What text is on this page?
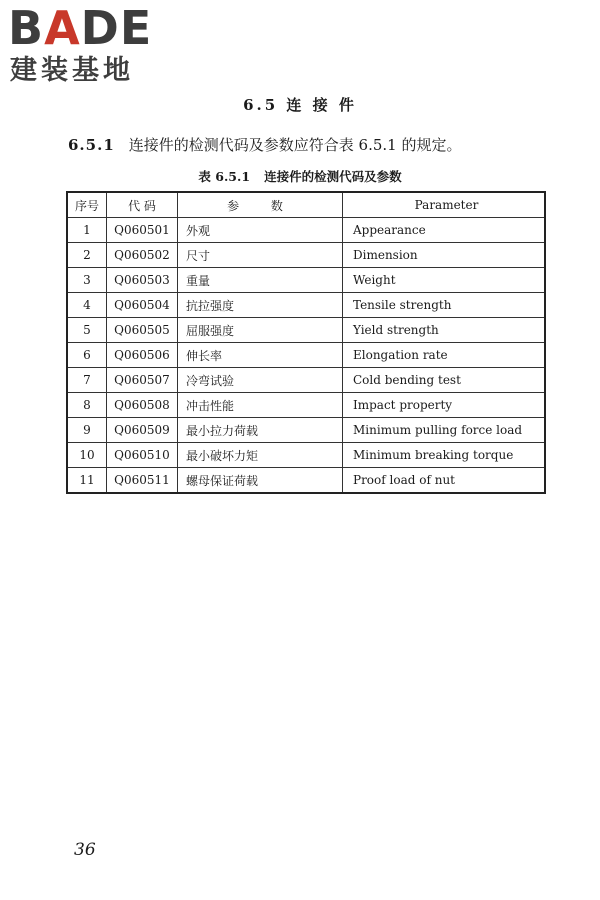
BADE
建装基地
6.5 连 接 件
6.5.1 连接件的检测代码及参数应符合表 6.5.1 的规定。
表 6.5.1 连接件的检测代码及参数
序号	代 码	参 数	Parameter
1	Q060501	外观	Appearance
2	Q060502	尺寸	Dimension
3	Q060503	重量	Weight
4	Q060504	抗拉强度	Tensile strength
5	Q060505	屈服强度	Yield strength
6	Q060506	伸长率	Elongation rate
7	Q060507	冷弯试验	Cold bending test
8	Q060508	冲击性能	Impact property
9	Q060509	最小拉力荷载	Minimum pulling force load
10	Q060510	最小破坏力矩	Minimum breaking torque
11	Q060511	螺母保证荷载	Proof load of nut
36
